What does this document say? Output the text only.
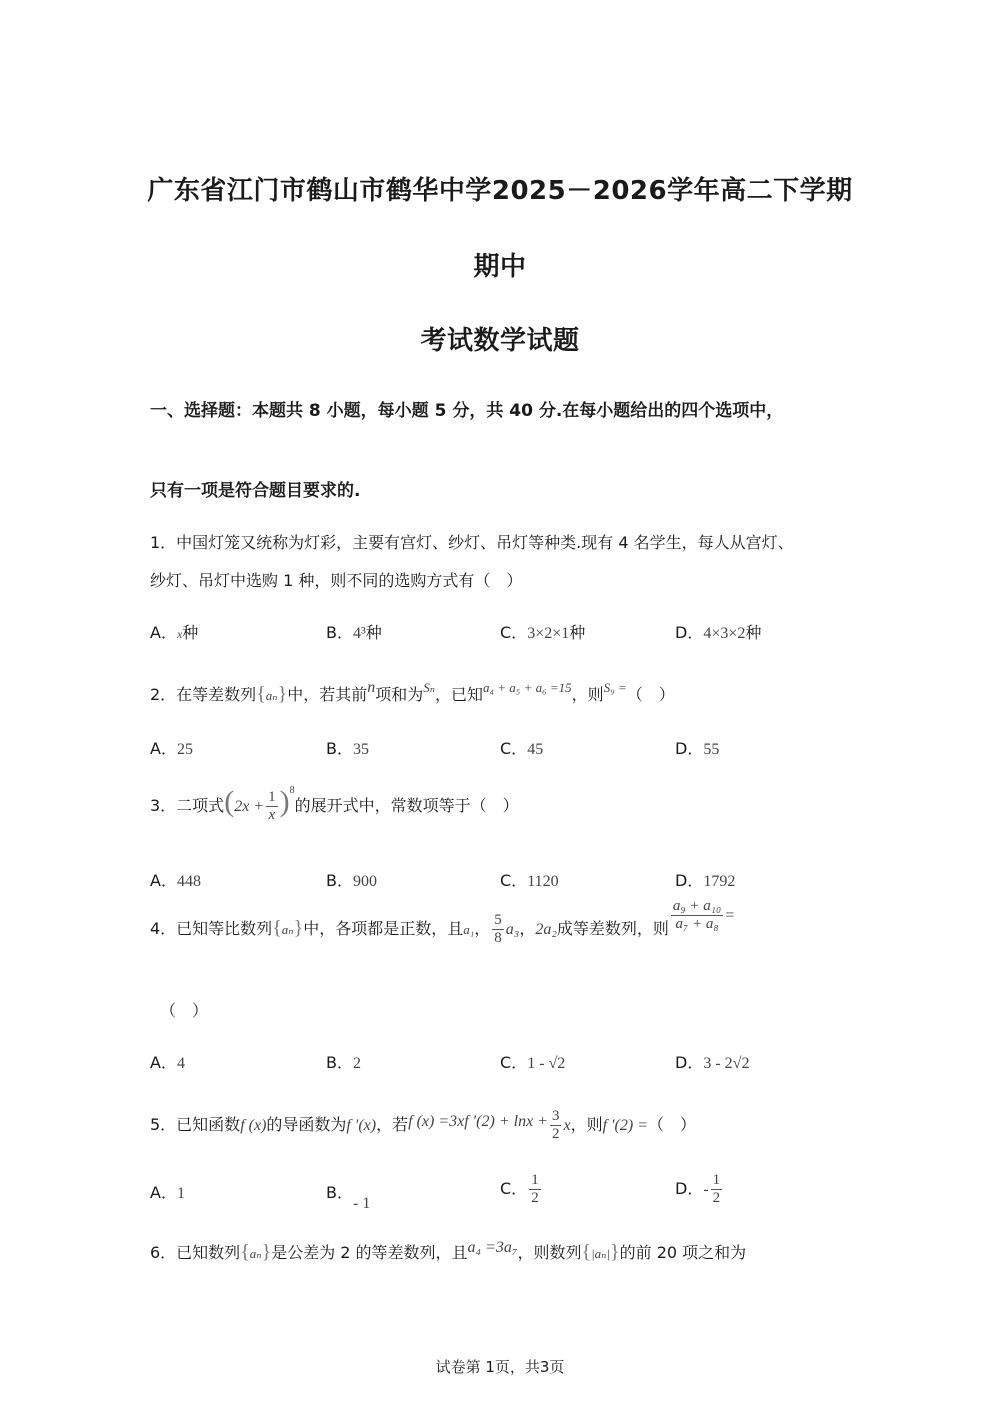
广东省江门市鹤山市鹤华中学2025－2026学年高二下学期
期中
考试数学试题
一、选择题：本题共 8 小题，每小题 5 分，共 40 分.在每小题给出的四个选项中，
只有一项是符合题目要求的.
1．中国灯笼又统称为灯彩，主要有宫灯、纱灯、吊灯等种类.现有 4 名学生，每人从宫灯、
纱灯、吊灯中选购 1 种，则不同的选购方式有（　）
A．x种	B．4³种	C．3×2×1种	D．4×3×2种
2．在等差数列{aₙ}中，若其前n项和为$^{S_n}$，已知$^{a_4 + a_5 + a_6 =15}$，则$^{S_9 =}$（　）
A．25	B．35	C．45	D．55
3．二项式$(2x + \frac{1}{x} )^8$的展开式中，常数项等于（　）
A．448	B．900	C．1120	D．1792
4．已知等比数列{aₙ}中，各项都是正数，且a₁， $\frac{5}{8} a_3$，2a₂成等差数列，则 $\frac{\text{a₉ + a₁₀}}{\text{a₇ + a₈}}$ =
（　）
A．4	B．2	C．1 - √2	D．3 - 2√2
5．已知函数f (x)的导函数为f ′(x)，若f (x) =3xf $'(2) + \ln x + \frac{3}{2}$ x，则f ′(2) =（　）
A．1	B．- 1
C． $\frac{1}{2}$	D．- $\frac{1}{2}$
6．已知数列{aₙ}是公差为 2 的等差数列，且a₄ =3a₇，则数列{|aₙ|}的前 20 项之和为
试卷第 1页，共3页
